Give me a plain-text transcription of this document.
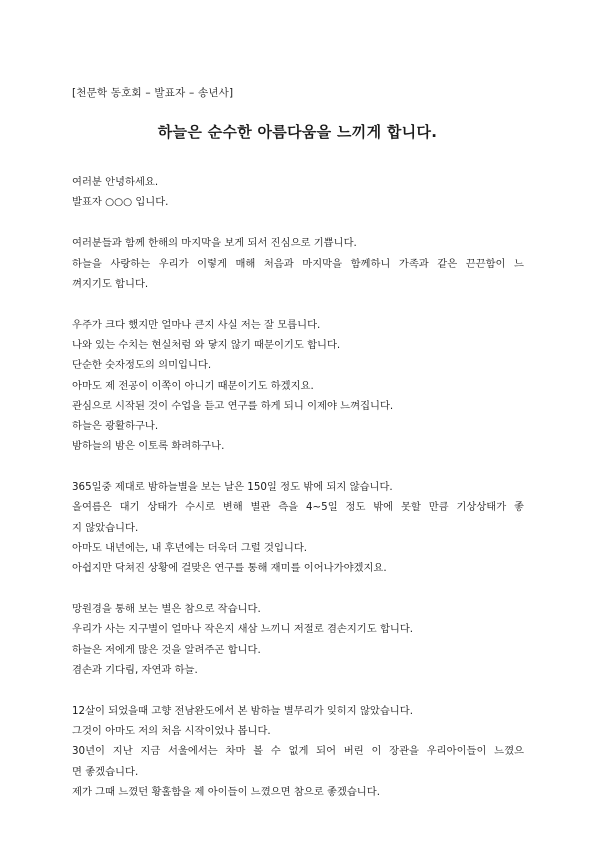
[천문학 동호회 – 발표자 – 송년사]
하늘은 순수한 아름다움을 느끼게 합니다.
여러분 안녕하세요.
발표자 ○○○ 입니다.
여러분들과 함께 한해의 마지막을 보게 되서 진심으로 기쁩니다.
하늘을 사랑하는 우리가 이렇게 매해 처음과 마지막을 함께하니 가족과 같은 끈끈함이 느
껴지기도 합니다.
우주가 크다 했지만 얼마나 큰지 사실 저는 잘 모릅니다.
나와 있는 수치는 현실처럼 와 닿지 않기 때문이기도 합니다.
단순한 숫자정도의 의미입니다.
아마도 제 전공이 이쪽이 아니기 때문이기도 하겠지요.
관심으로 시작된 것이 수업을 듣고 연구를 하게 되니 이제야 느껴집니다.
하늘은 광활하구나.
밤하늘의 밤은 이토록 화려하구나.
365일중 제대로 밤하늘별을 보는 날은 150일 정도 밖에 되지 않습니다.
올여름은 대기 상태가 수시로 변해 별관 측을 4~5일 정도 밖에 못할 만큼 기상상태가 좋
지 않았습니다.
아마도 내년에는, 내 후년에는 더욱더 그럴 것입니다.
아쉽지만 닥쳐진 상황에 걸맞은 연구를 통해 재미를 이어나가야겠지요.
망원경을 통해 보는 별은 참으로 작습니다.
우리가 사는 지구별이 얼마나 작은지 새삼 느끼니 저절로 겸손지기도 합니다.
하늘은 저에게 많은 것을 알려주곤 합니다.
겸손과 기다림, 자연과 하늘.
12살이 되었을때 고향 전남완도에서 본 밤하늘 별무리가 잊히지 않았습니다.
그것이 아마도 저의 처음 시작이었나 봅니다.
30년이 지난 지금 서울에서는 차마 볼 수 없게 되어 버린 이 장관을 우리아이들이 느꼈으
면 좋겠습니다.
제가 그때 느꼈던 황홀함을 제 아이들이 느꼈으면 참으로 좋겠습니다.
